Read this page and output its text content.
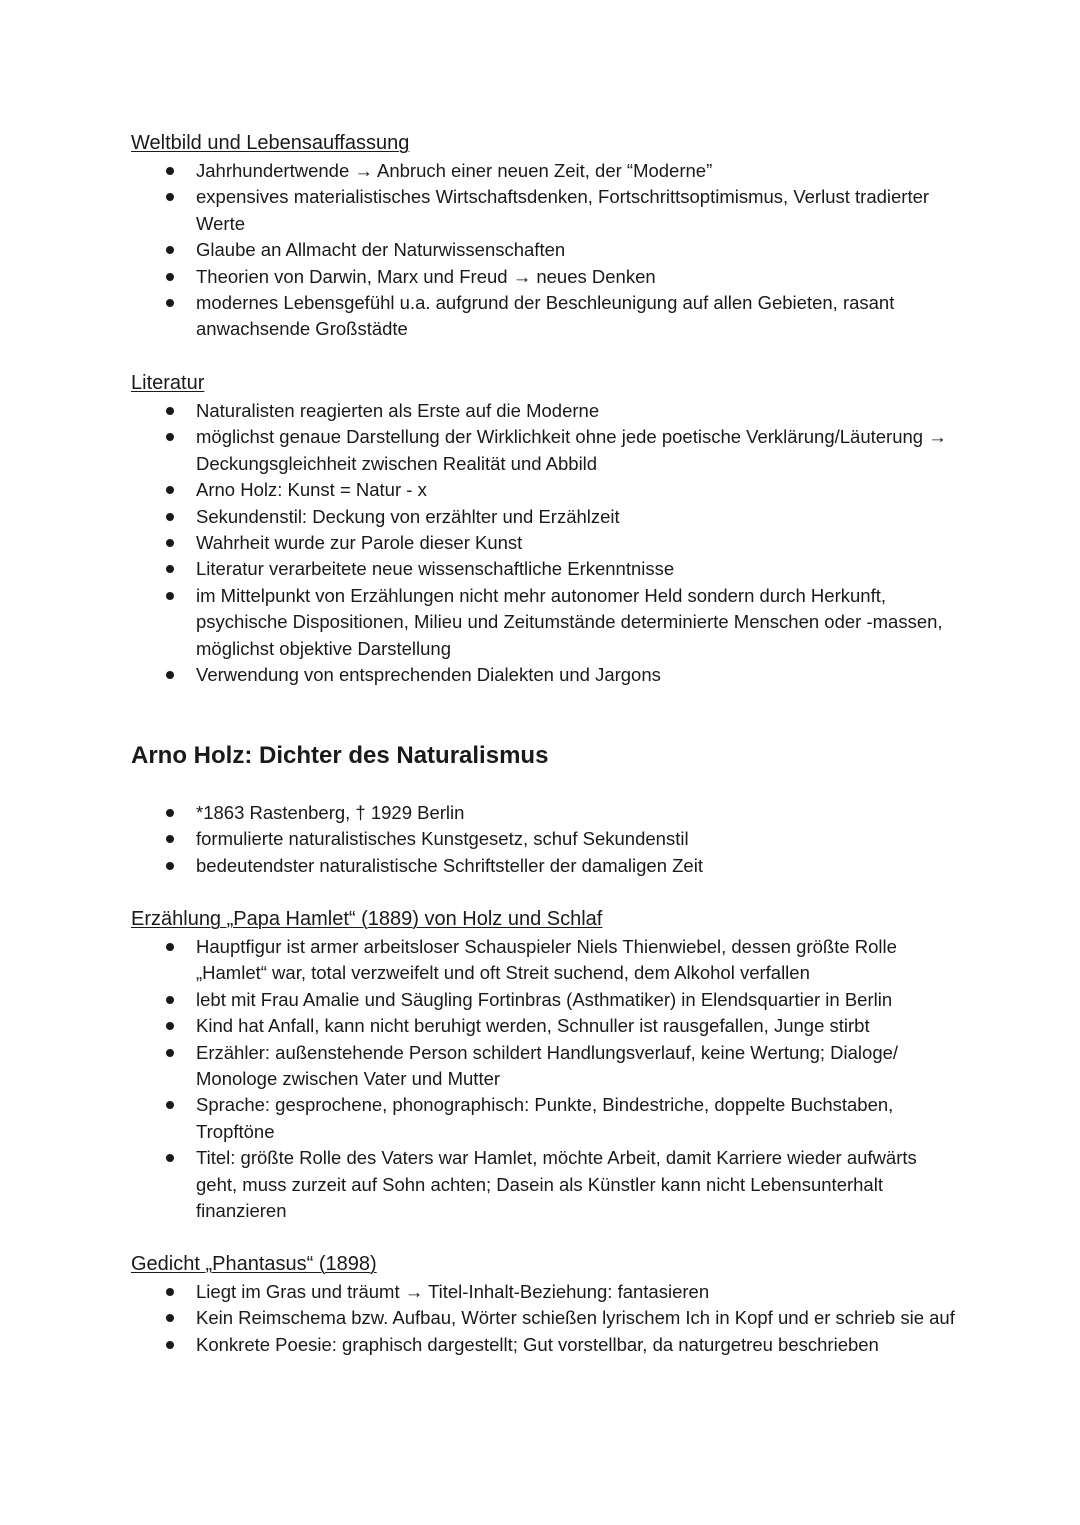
Weltbild und Lebensauffassung
Jahrhundertwende → Anbruch einer neuen Zeit, der “Moderne”
expensives materialistisches Wirtschaftsdenken, Fortschrittsoptimismus, Verlust tradierter Werte
Glaube an Allmacht der Naturwissenschaften
Theorien von Darwin, Marx und Freud → neues Denken
modernes Lebensgefühl u.a. aufgrund der Beschleunigung auf allen Gebieten, rasant anwachsende Großstädte
Literatur
Naturalisten reagierten als Erste auf die Moderne
möglichst genaue Darstellung der Wirklichkeit ohne jede poetische Verklärung/Läuterung → Deckungsgleichheit zwischen Realität und Abbild
Arno Holz: Kunst = Natur - x
Sekundenstil: Deckung von erzählter und Erzählzeit
Wahrheit wurde zur Parole dieser Kunst
Literatur verarbeitete neue wissenschaftliche Erkenntnisse
im Mittelpunkt von Erzählungen nicht mehr autonomer Held sondern durch Herkunft, psychische Dispositionen, Milieu und Zeitumstände determinierte Menschen oder -massen, möglichst objektive Darstellung
Verwendung von entsprechenden Dialekten und Jargons
Arno Holz: Dichter des Naturalismus
*1863 Rastenberg, † 1929 Berlin
formulierte naturalistisches Kunstgesetz, schuf Sekundenstil
bedeutendster naturalistische Schriftsteller der damaligen Zeit
Erzählung „Papa Hamlet“ (1889) von Holz und Schlaf
Hauptfigur ist armer arbeitsloser Schauspieler Niels Thienwiebel, dessen größte Rolle „Hamlet“ war, total verzweifelt und oft Streit suchend, dem Alkohol verfallen
lebt mit Frau Amalie und Säugling Fortinbras (Asthmatiker) in Elendsquartier in Berlin
Kind hat Anfall, kann nicht beruhigt werden, Schnuller ist rausgefallen, Junge stirbt
Erzähler: außenstehende Person schildert Handlungsverlauf, keine Wertung; Dialoge/ Monologe zwischen Vater und Mutter
Sprache: gesprochene, phonographisch: Punkte, Bindestriche, doppelte Buchstaben, Tropftöne
Titel: größte Rolle des Vaters war Hamlet, möchte Arbeit, damit Karriere wieder aufwärts geht, muss zurzeit auf Sohn achten; Dasein als Künstler kann nicht Lebensunterhalt finanzieren
Gedicht „Phantasus“ (1898)
Liegt im Gras und träumt → Titel-Inhalt-Beziehung: fantasieren
Kein Reimschema bzw. Aufbau, Wörter schießen lyrischem Ich in Kopf und er schrieb sie auf
Konkrete Poesie: graphisch dargestellt; Gut vorstellbar, da naturgetreu beschrieben
